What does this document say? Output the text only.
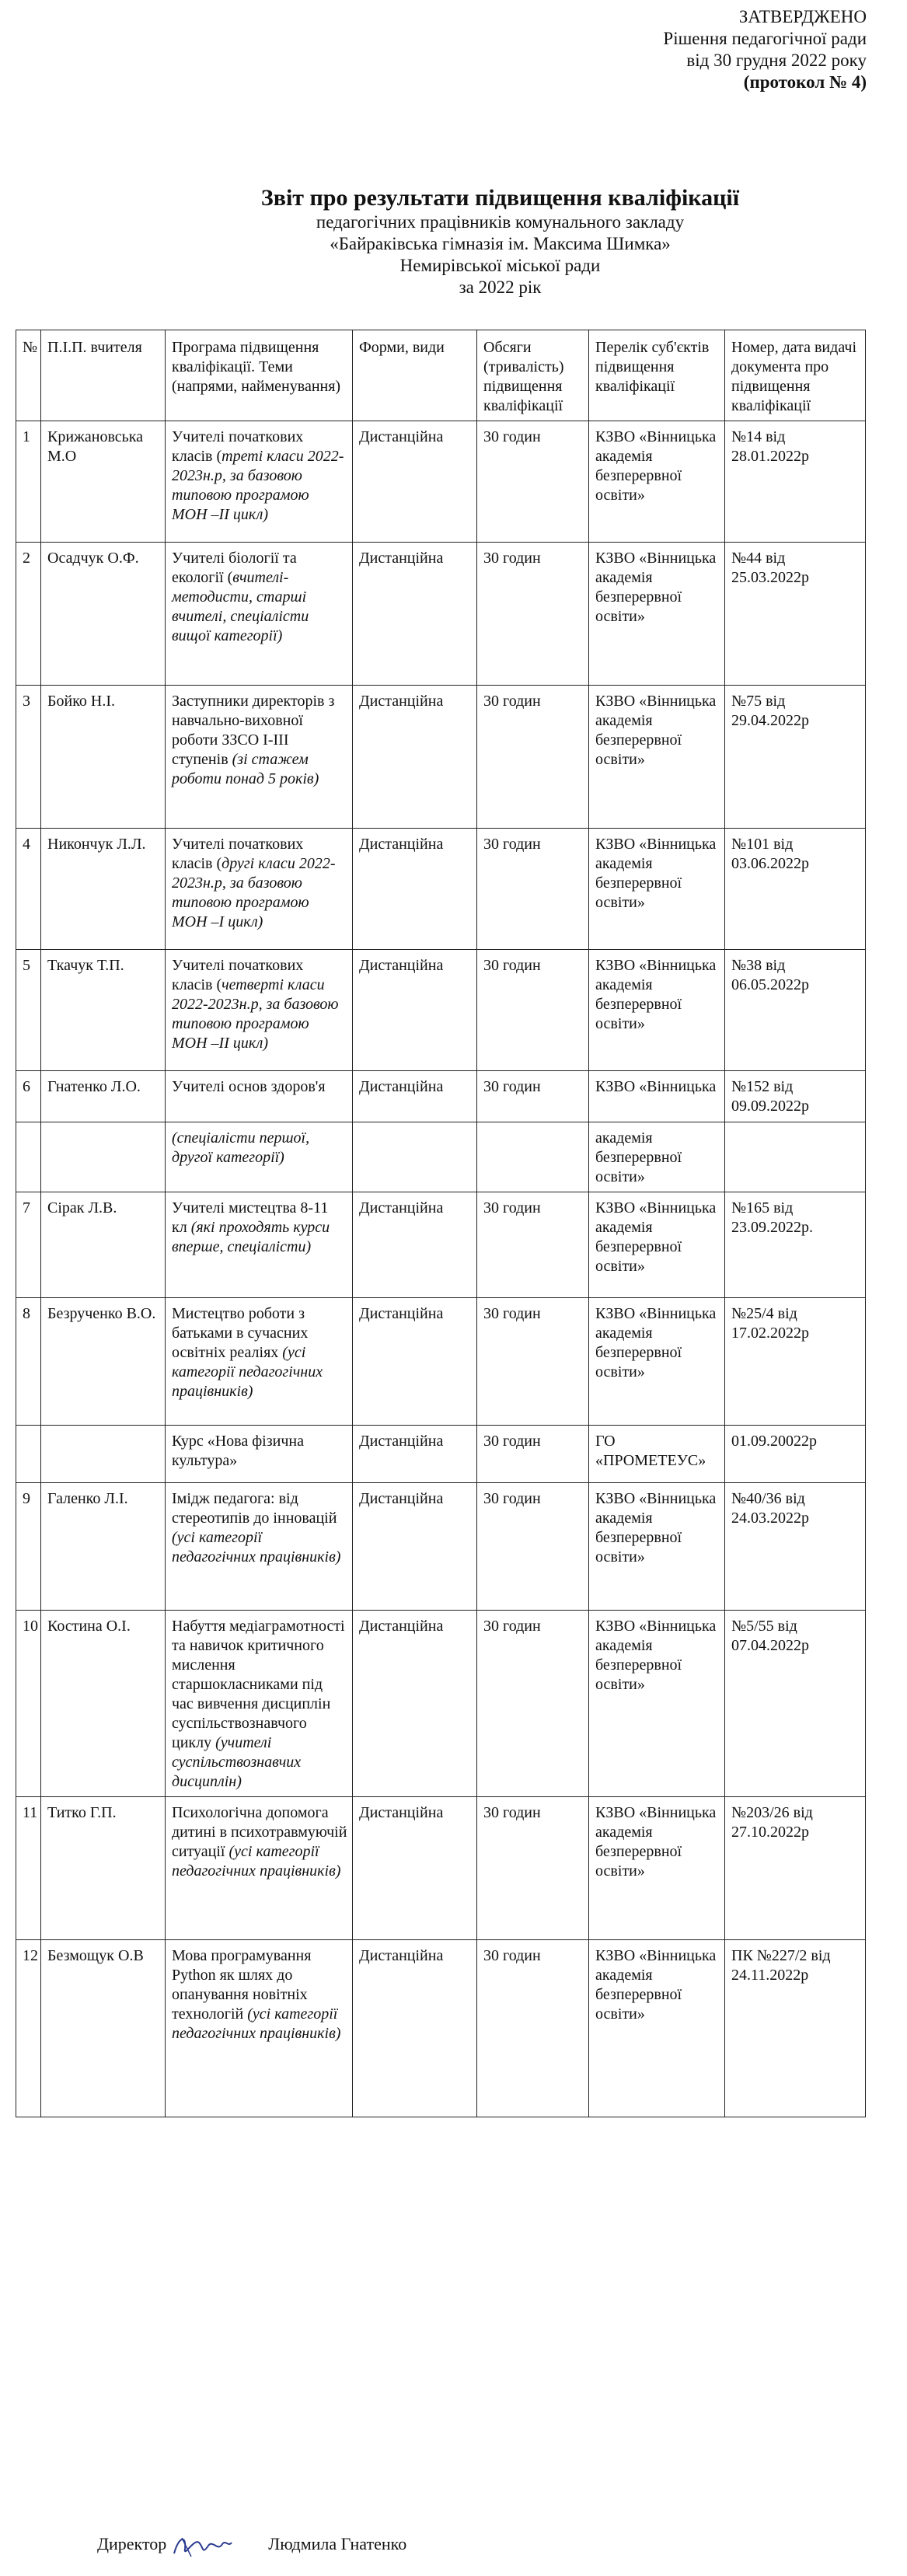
ЗАТВЕРДЖЕНО
Рішення педагогічної ради
від 30 грудня 2022 року
(протокол № 4)
Звіт про результати підвищення кваліфікації
педагогічних працівників комунального закладу
«Байраківська гімназія ім. Максима Шимка»
Немирівської міської ради
за 2022 рік
№	П.І.П. вчителя	Програма підвищення кваліфікації. Теми (напрями, найменування)	Форми, види	Обсяги (тривалість) підвищення кваліфікації	Перелік суб'єктів підвищення кваліфікації	Номер, дата видачі документа про підвищення кваліфікації
1	Крижановська М.О	Учителі початкових класів (треті класи 2022-2023н.р, за базовою типовою програмою МОН –ІІ цикл)	Дистанційна	30 годин	КЗВО «Вінницька академія безперервної освіти»	№14 від 28.01.2022р
2	Осадчук О.Ф.	Учителі біології та екології (вчителі-методисти, старші вчителі, спеціалісти вищої категорії)	Дистанційна	30 годин	КЗВО «Вінницька академія безперервної освіти»	№44 від 25.03.2022р
3	Бойко Н.І.	Заступники директорів з навчально-виховної роботи ЗЗСО І-ІІІ ступенів (зі стажем роботи понад 5 років)	Дистанційна	30 годин	КЗВО «Вінницька академія безперервної освіти»	№75 від 29.04.2022р
4	Никончук Л.Л.	Учителі початкових класів (другі класи 2022-2023н.р, за базовою типовою програмою МОН –І цикл)	Дистанційна	30 годин	КЗВО «Вінницька академія безперервної освіти»	№101 від 03.06.2022р
5	Ткачук Т.П.	Учителі початкових класів (четверті класи 2022-2023н.р, за базовою типовою програмою МОН –ІІ цикл)	Дистанційна	30 годин	КЗВО «Вінницька академія безперервної освіти»	№38 від 06.05.2022р
6	Гнатенко Л.О.	Учителі основ здоров'я	Дистанційна	30 годин	КЗВО «Вінницька	№152 від 09.09.2022р
		(спеціалісти першої, другої категорії)			академія безперервної освіти»	
7	Сірак Л.В.	Учителі мистецтва 8-11 кл (які проходять курси вперше, спеціалісти)	Дистанційна	30 годин	КЗВО «Вінницька академія безперервної освіти»	№165 від 23.09.2022р.
8	Безрученко В.О.	Мистецтво роботи з батьками в сучасних освітніх реаліях (усі категорії педагогічних працівників)	Дистанційна	30 годин	КЗВО «Вінницька академія безперервної освіти»	№25/4 від 17.02.2022р
		Курс «Нова фізична культура»	Дистанційна	30 годин	ГО «ПРОМЕТЕУС»	01.09.20022р
9	Галенко Л.І.	Імідж педагога: від стереотипів до інновацій (усі категорії педагогічних працівників)	Дистанційна	30 годин	КЗВО «Вінницька академія безперервної освіти»	№40/36 від 24.03.2022р
10	Костина О.І.	Набуття медіаграмотності та навичок критичного мислення старшокласниками під час вивчення дисциплін суспільствознавчого циклу (учителі суспільствознавчих дисциплін)	Дистанційна	30 годин	КЗВО «Вінницька академія безперервної освіти»	№5/55 від 07.04.2022р
11	Титко Г.П.	Психологічна допомога дитині в психотравмуючій ситуації (усі категорії педагогічних працівників)	Дистанційна	30 годин	КЗВО «Вінницька академія безперервної освіти»	№203/26 від 27.10.2022р
12	Безмощук О.В	Мова програмування Python як шлях до опанування новітніх технологій (усі категорії педагогічних працівників)	Дистанційна	30 годин	КЗВО «Вінницька академія безперервної освіти»	ПК №227/2 від 24.11.2022р
Директор	Людмила Гнатенко
